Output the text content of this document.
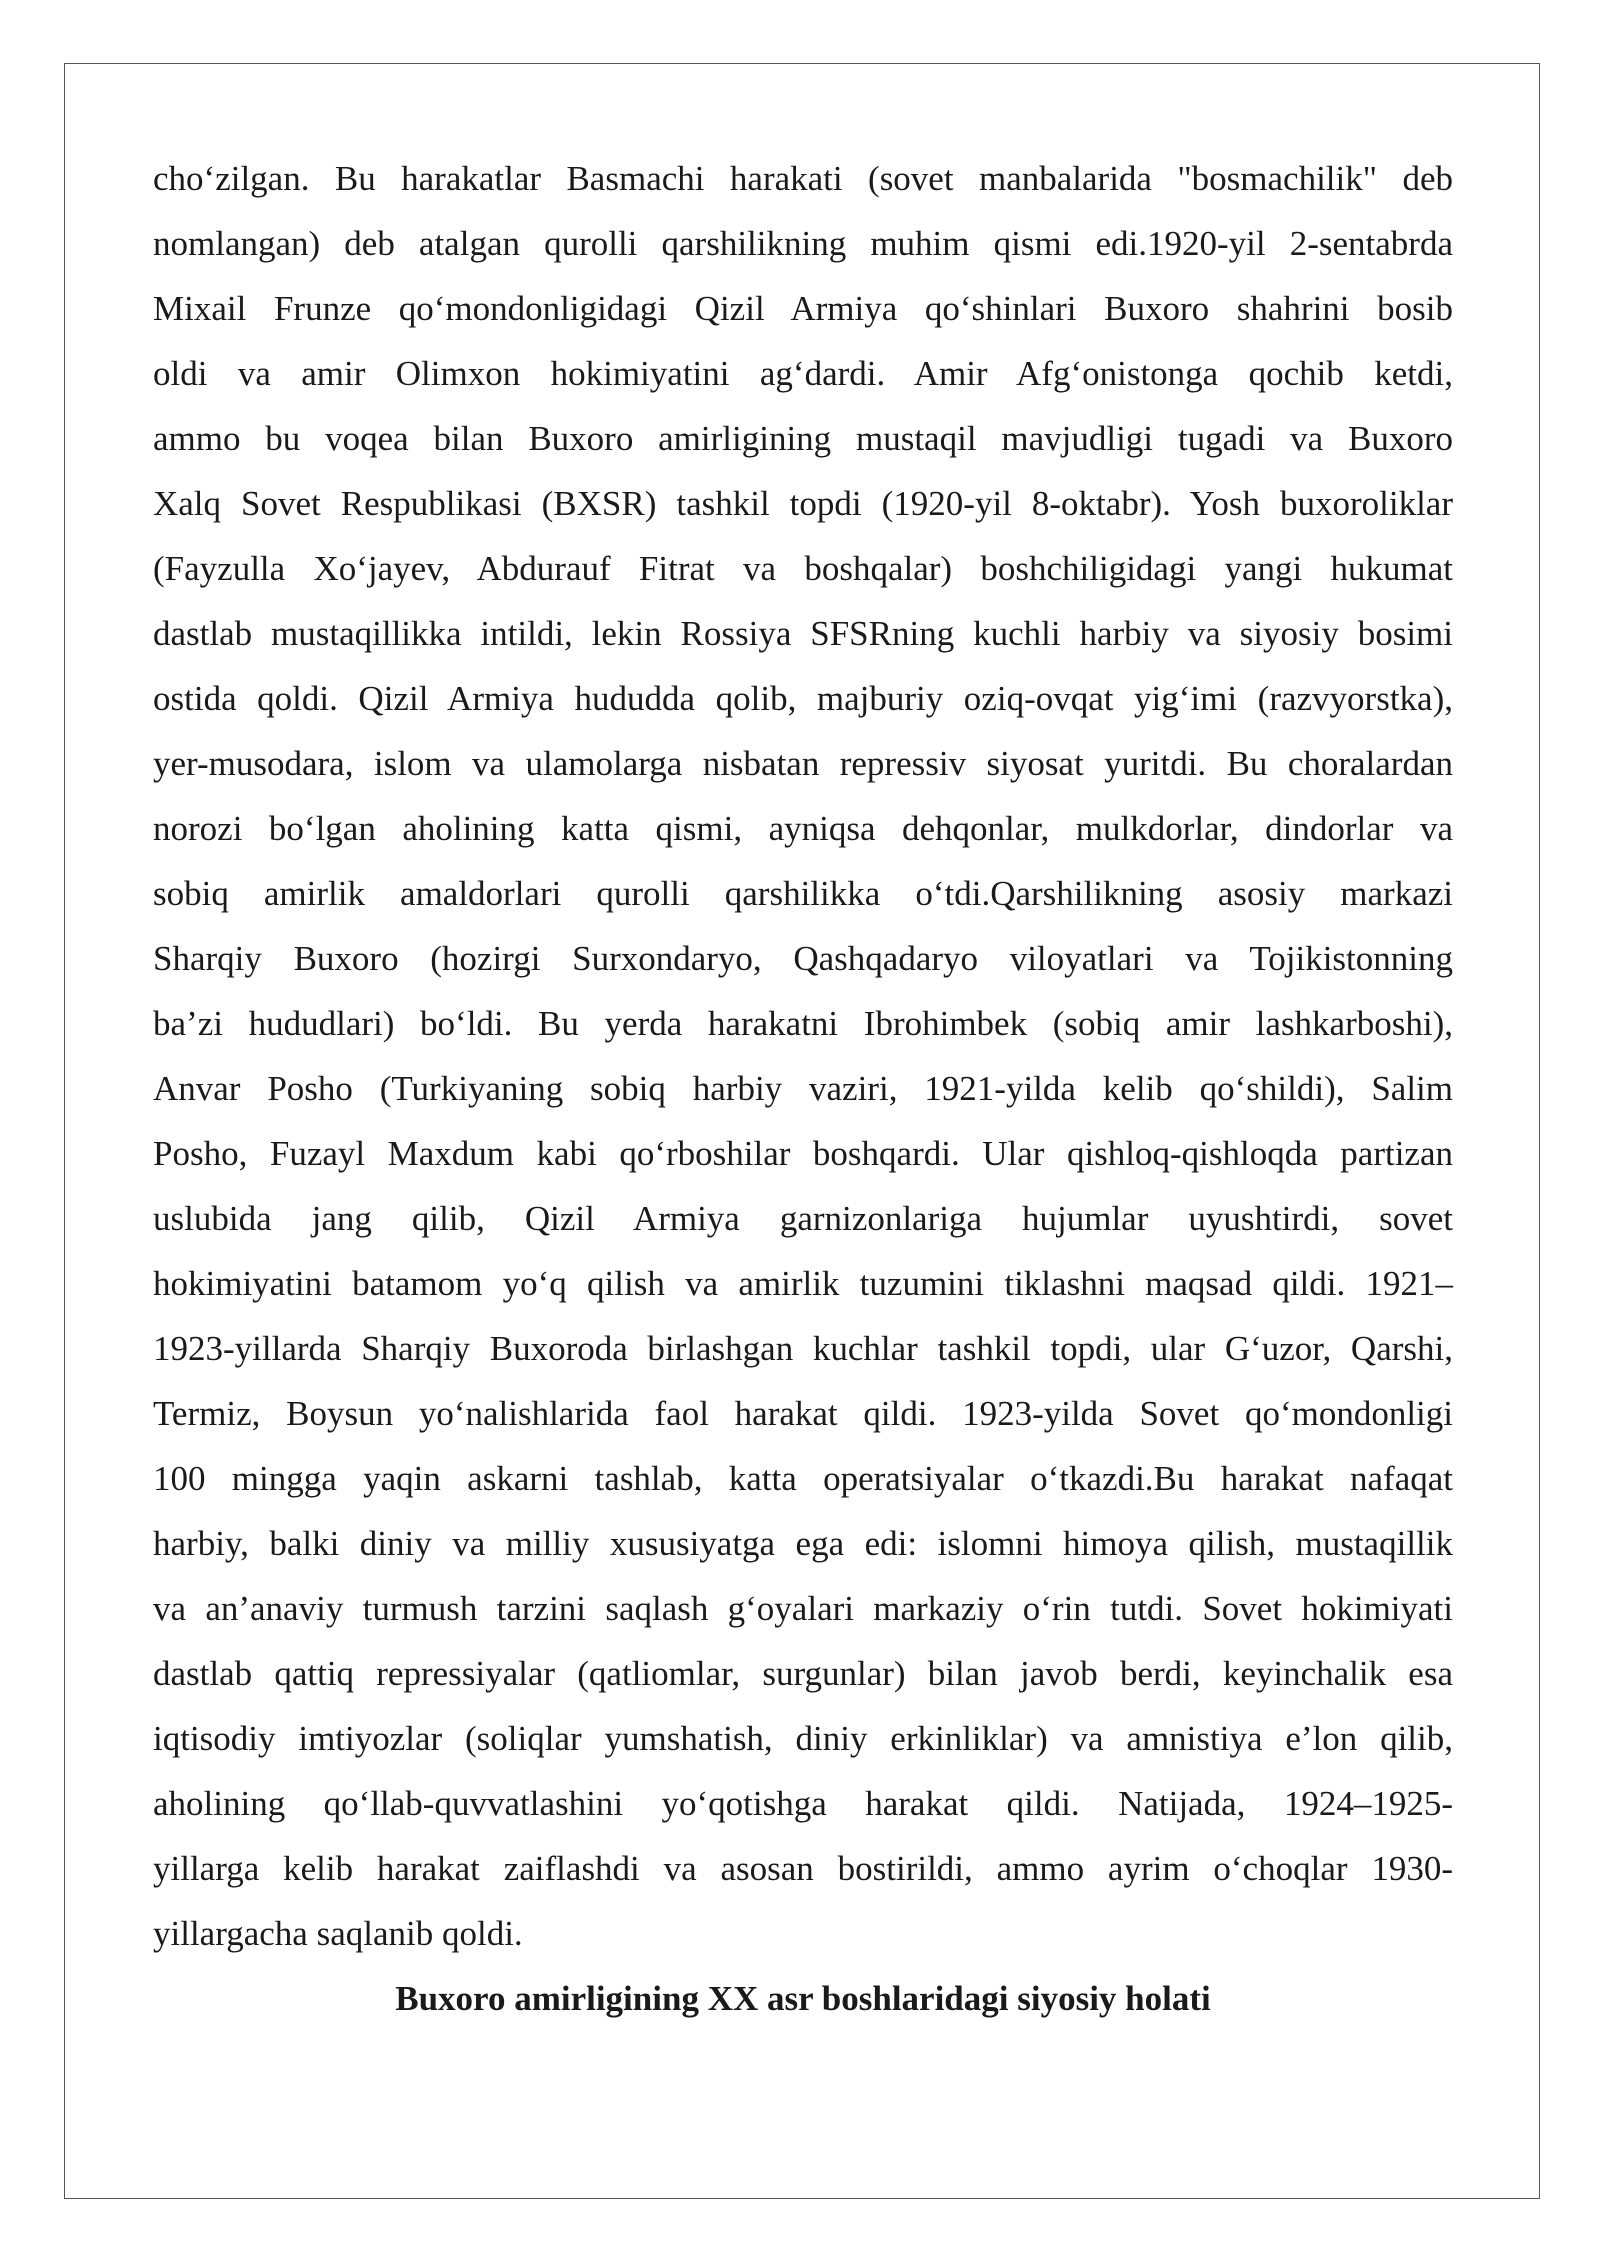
cho‘zilgan. Bu harakatlar Basmachi harakati (sovet manbalarida "bosmachilik" deb
nomlangan) deb atalgan qurolli qarshilikning muhim qismi edi.1920-yil 2-sentabrda
Mixail Frunze qo‘mondonligidagi Qizil Armiya qo‘shinlari Buxoro shahrini bosib
oldi va amir Olimxon hokimiyatini ag‘dardi. Amir Afg‘onistonga qochib ketdi,
ammo bu voqea bilan Buxoro amirligining mustaqil mavjudligi tugadi va Buxoro
Xalq Sovet Respublikasi (BXSR) tashkil topdi (1920-yil 8-oktabr). Yosh buxoroliklar
(Fayzulla Xo‘jayev, Abdurauf Fitrat va boshqalar) boshchiligidagi yangi hukumat
dastlab mustaqillikka intildi, lekin Rossiya SFSRning kuchli harbiy va siyosiy bosimi
ostida qoldi. Qizil Armiya hududda qolib, majburiy oziq-ovqat yig‘imi (razvyorstka),
yer-musodara, islom va ulamolarga nisbatan repressiv siyosat yuritdi. Bu choralardan
norozi bo‘lgan aholining katta qismi, ayniqsa dehqonlar, mulkdorlar, dindorlar va
sobiq amirlik amaldorlari qurolli qarshilikka o‘tdi.Qarshilikning asosiy markazi
Sharqiy Buxoro (hozirgi Surxondaryo, Qashqadaryo viloyatlari va Tojikistonning
ba’zi hududlari) bo‘ldi. Bu yerda harakatni Ibrohimbek (sobiq amir lashkarboshi),
Anvar Posho (Turkiyaning sobiq harbiy vaziri, 1921-yilda kelib qo‘shildi), Salim
Posho, Fuzayl Maxdum kabi qo‘rboshilar boshqardi. Ular qishloq-qishloqda partizan
uslubida jang qilib, Qizil Armiya garnizonlariga hujumlar uyushtirdi, sovet
hokimiyatini batamom yo‘q qilish va amirlik tuzumini tiklashni maqsad qildi. 1921–
1923-yillarda Sharqiy Buxoroda birlashgan kuchlar tashkil topdi, ular G‘uzor, Qarshi,
Termiz, Boysun yo‘nalishlarida faol harakat qildi. 1923-yilda Sovet qo‘mondonligi
100 mingga yaqin askarni tashlab, katta operatsiyalar o‘tkazdi.Bu harakat nafaqat
harbiy, balki diniy va milliy xususiyatga ega edi: islomni himoya qilish, mustaqillik
va an’anaviy turmush tarzini saqlash g‘oyalari markaziy o‘rin tutdi. Sovet hokimiyati
dastlab qattiq repressiyalar (qatliomlar, surgunlar) bilan javob berdi, keyinchalik esa
iqtisodiy imtiyozlar (soliqlar yumshatish, diniy erkinliklar) va amnistiya e’lon qilib,
aholining qo‘llab-quvvatlashini yo‘qotishga harakat qildi. Natijada, 1924–1925-
yillarga kelib harakat zaiflashdi va asosan bostirildi, ammo ayrim o‘choqlar 1930-
yillargacha saqlanib qoldi.
Buxoro amirligining XX asr boshlaridagi siyosiy holati
